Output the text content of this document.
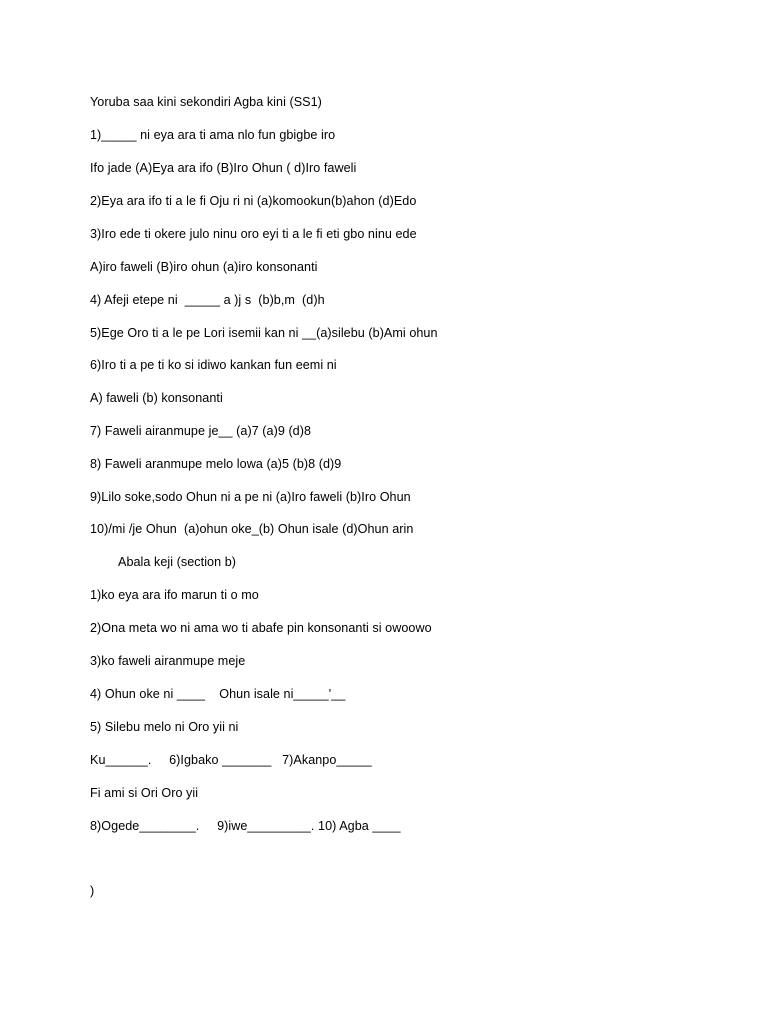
Yoruba saa kini sekondiri Agba kini (SS1)
1)_____ ni eya ara ti ama nlo fun gbigbe iro
Ifo jade (A)Eya ara ifo (B)Iro Ohun ( d)Iro faweli
2)Eya ara ifo ti a le fi Oju ri ni (a)komookun(b)ahon (d)Edo
3)Iro ede ti okere julo ninu oro eyi ti a le fi eti gbo ninu ede
A)iro faweli (B)iro ohun (a)iro konsonanti
4) Afeji etepe ni  _____ a )j s  (b)b,m  (d)h
5)Ege Oro ti a le pe Lori isemii kan ni __(a)silebu (b)Ami ohun
6)Iro ti a pe ti ko si idiwo kankan fun eemi ni
A) faweli (b) konsonanti
7) Faweli airanmupe je__ (a)7 (a)9 (d)8
8) Faweli aranmupe melo lowa (a)5 (b)8 (d)9
9)Lilo soke,sodo Ohun ni a pe ni (a)Iro faweli (b)Iro Ohun
10)/mi /je Ohun  (a)ohun oke_(b) Ohun isale (d)Ohun arin
Abala keji (section b)
1)ko eya ara ifo marun ti o mo
2)Ona meta wo ni ama wo ti abafe pin konsonanti si owoowo
3)ko faweli airanmupe meje
4) Ohun oke ni ____    Ohun isale ni_____'__
5) Silebu melo ni Oro yii ni
Ku______.     6)Igbako _______   7)Akanpo_____
Fi ami si Ori Oro yii
8)Ogede________.     9)iwe_________. 10) Agba ____
)
